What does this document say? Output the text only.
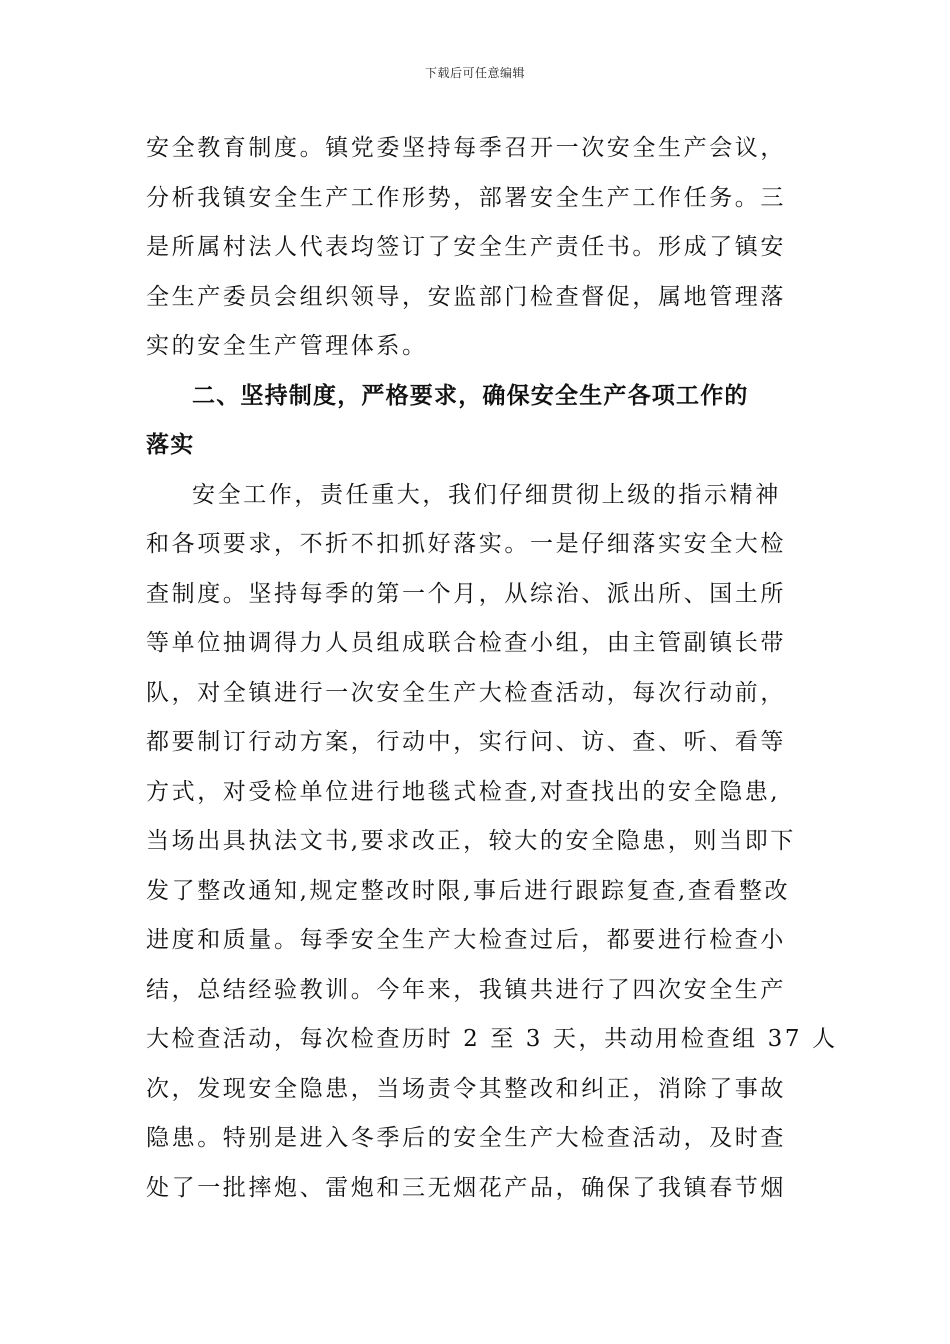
下载后可任意编辑
安全教育制度。镇党委坚持每季召开一次安全生产会议，
分析我镇安全生产工作形势，部署安全生产工作任务。三
是所属村法人代表均签订了安全生产责任书。形成了镇安
全生产委员会组织领导，安监部门检查督促，属地管理落
实的安全生产管理体系。
二、坚持制度，严格要求，确保安全生产各项工作的
落实
安全工作，责任重大，我们仔细贯彻上级的指示精神
和各项要求，不折不扣抓好落实。一是仔细落实安全大检
查制度。坚持每季的第一个月，从综治、派出所、国土所
等单位抽调得力人员组成联合检查小组，由主管副镇长带
队，对全镇进行一次安全生产大检查活动，每次行动前，
都要制订行动方案，行动中，实行问、访、查、听、看等
方式，对受检单位进行地毯式检查,对查找出的安全隐患,
当场出具执法文书,要求改正，较大的安全隐患，则当即下
发了整改通知,规定整改时限,事后进行跟踪复查,查看整改
进度和质量。每季安全生产大检查过后，都要进行检查小
结，总结经验教训。今年来，我镇共进行了四次安全生产
大检查活动，每次检查历时 2 至 3 天，共动用检查组 37 人
次，发现安全隐患，当场责令其整改和纠正，消除了事故
隐患。特别是进入冬季后的安全生产大检查活动，及时查
处了一批摔炮、雷炮和三无烟花产品，确保了我镇春节烟
